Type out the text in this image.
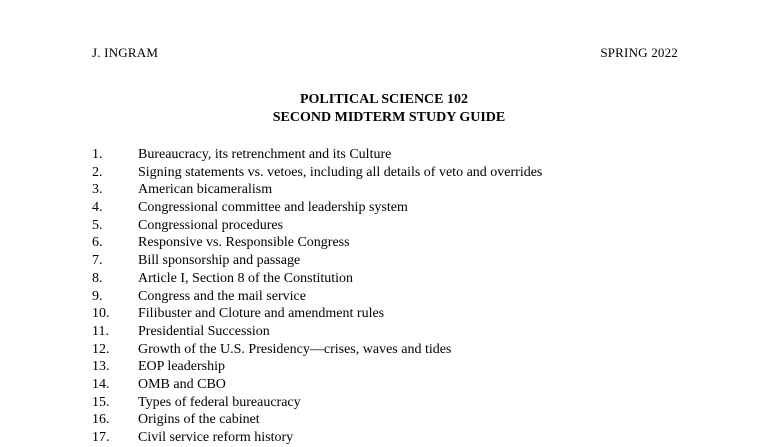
J. INGRAM	SPRING 2022
POLITICAL SCIENCE 102
SECOND MIDTERM STUDY GUIDE
1.	Bureaucracy, its retrenchment and its Culture
2.	Signing statements vs. vetoes, including all details of veto and overrides
3.	American bicameralism
4.	Congressional committee and leadership system
5.	Congressional procedures
6.	Responsive vs. Responsible Congress
7.	Bill sponsorship and passage
8.	Article I, Section 8 of the Constitution
9.	Congress and the mail service
10. Filibuster and Cloture and amendment rules
11. Presidential Succession
12. Growth of the U.S. Presidency—crises, waves and tides
13. EOP leadership
14. OMB and CBO
15. Types of federal bureaucracy
16. Origins of the cabinet
17. Civil service reform history
